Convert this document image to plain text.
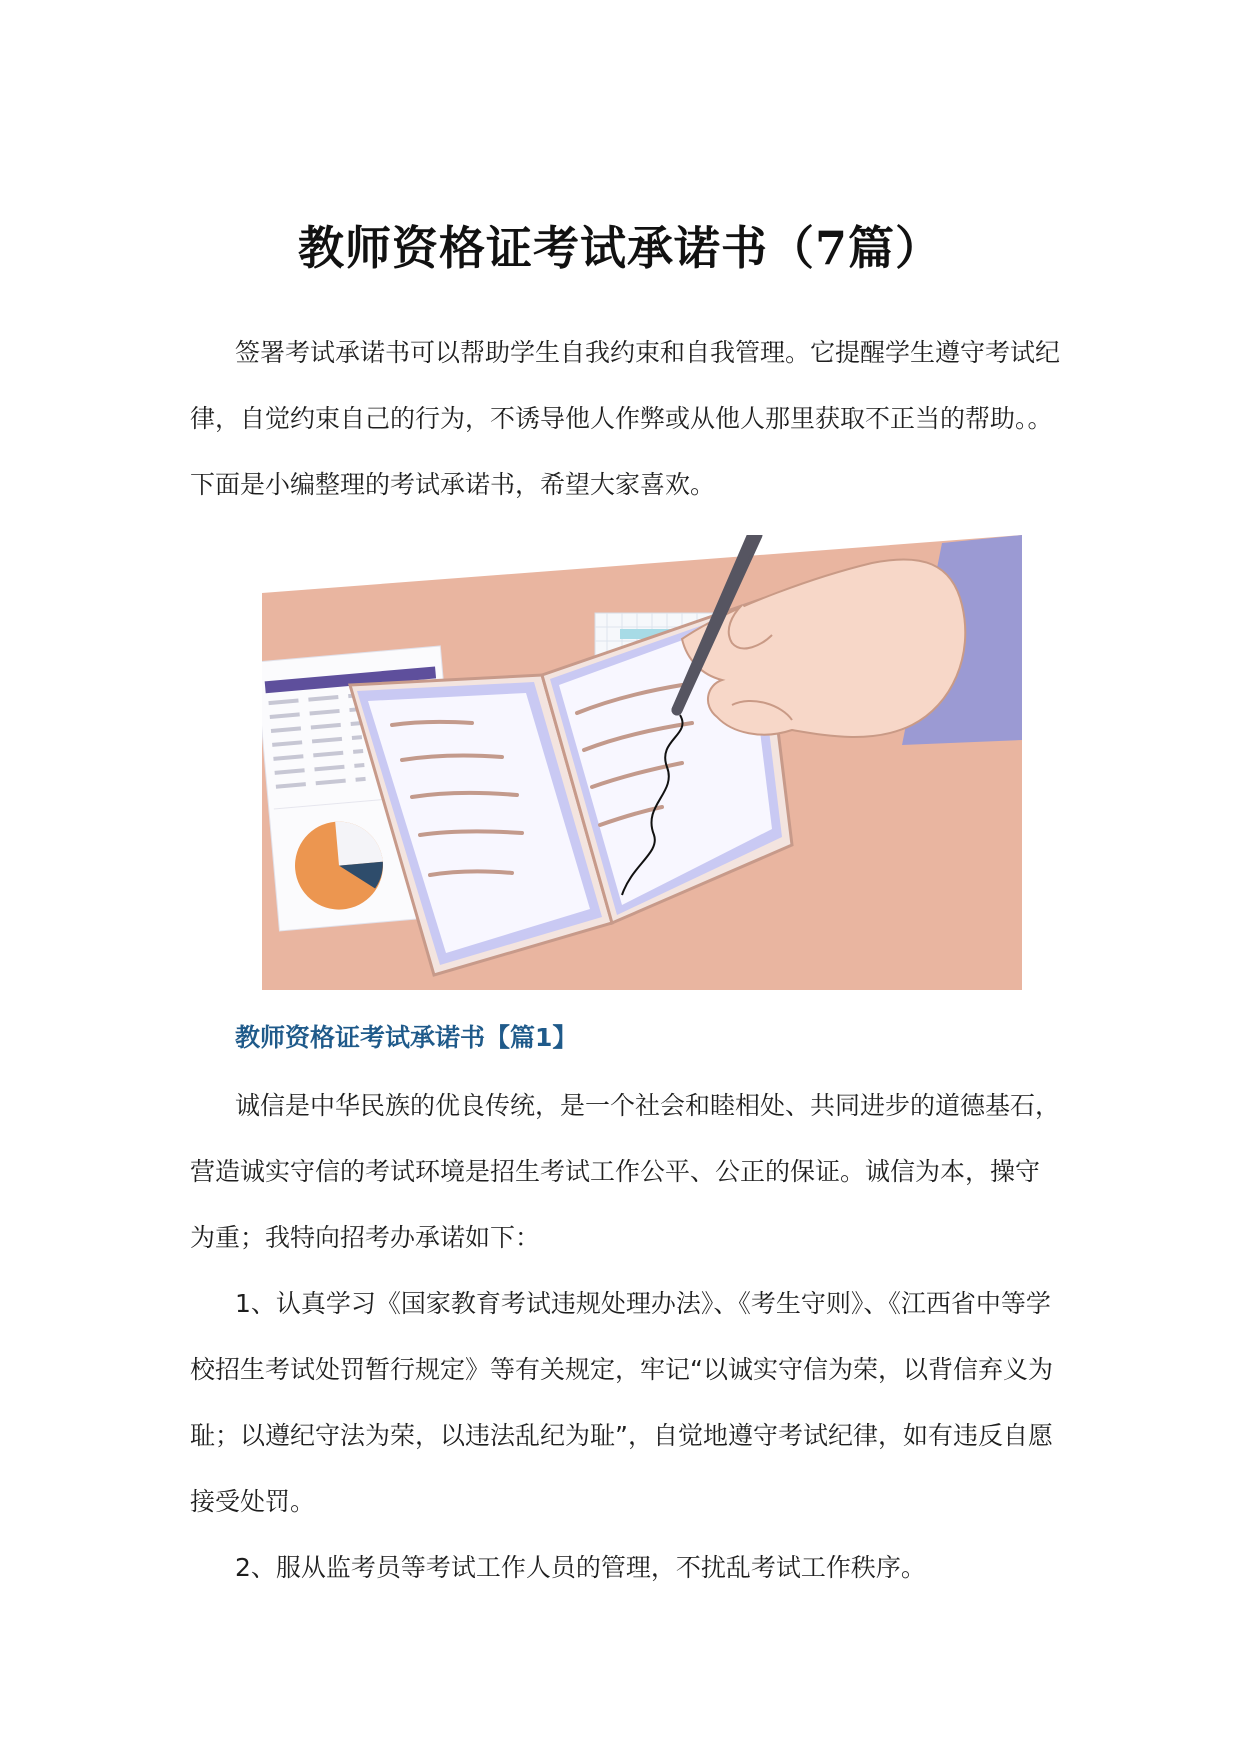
教师资格证考试承诺书（7篇）

签署考试承诺书可以帮助学生自我约束和自我管理。它提醒学生遵守考试纪律，自觉约束自己的行为，不诱导他人作弊或从他人那里获取不正当的帮助。。下面是小编整理的考试承诺书，希望大家喜欢。

教师资格证考试承诺书【篇1】

诚信是中华民族的优良传统，是一个社会和睦相处、共同进步的道德基石，营造诚实守信的考试环境是招生考试工作公平、公正的保证。诚信为本，操守为重；我特向招考办承诺如下：

1、认真学习《国家教育考试违规处理办法》、《考生守则》、《江西省中等学校招生考试处罚暂行规定》等有关规定，牢记“以诚实守信为荣，以背信弃义为耻；以遵纪守法为荣，以违法乱纪为耻”，自觉地遵守考试纪律，如有违反自愿接受处罚。

2、服从监考员等考试工作人员的管理，不扰乱考试工作秩序。
